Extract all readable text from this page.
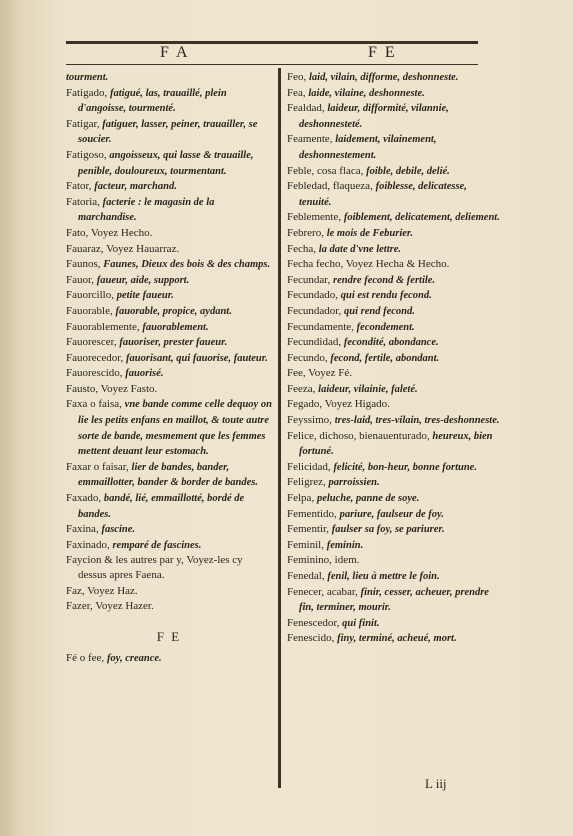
F A	F E
tourment.
Fatigado, fatigué, las, trauaillé, plein d'angoisse, tourmenté.
Fatigar, fatiguer, lasser, peiner, trauailler, se soucier.
Fatigoso, angoisseux, qui lasse & trauaille, penible, douloureux, tourmentant.
Fator, facteur, marchand.
Fatoria, facterie : le magasin de la marchandise.
Fato, Voyez Hecho.
Fauaraz, Voyez Hauarraz.
Faunos, Faunes, Dieux des bois & des champs.
Fauor, faueur, aide, support.
Fauorcillo, petite faueur.
Fauorable, fauorable, propice, aydant.
Fauorablemente, fauorablement.
Fauorescer, fauoriser, prester faueur.
Fauorecedor, fauorisant, qui fauorise, fauteur.
Fauorescido, fauorisé.
Fausto, Voyez Fasto.
Faxa o faisa, vne bande comme celle dequoy on lie les petits enfans en maillot, & toute autre sorte de bande, mesmement que les femmes mettent deuant leur estomach.
Faxar o faisar, lier de bandes, bander, emmaillotter, bander & border de bandes.
Faxado, bandé, lié, emmaillotté, bordé de bandes.
Faxina, fascine.
Faxinado, remparé de fascines.
Faycion & les autres par y, Voyez-les cy dessus apres Faena.
Faz, Voyez Haz.
Fazer, Voyez Hazer.
F E
Fé o fee, foy, creance.
Feo, laid, vilain, difforme, deshonneste.
Fea, laide, vilaine, deshonneste.
Fealdad, laideur, difformité, vilannie, deshonnesteté.
Feamente, laidement, vilainement, deshonnestement.
Feble, cosa flaca, foible, debile, delié.
Febledad, flaqueza, foiblesse, delicatesse, tenuité.
Feblemente, foiblement, delicatement, deliement.
Febrero, le mois de Feburier.
Fecha, la date d'vne lettre.
Fecha fecho, Voyez Hecha & Hecho.
Fecundar, rendre fecond & fertile.
Fecundado, qui est rendu fecond.
Fecundador, qui rend fecond.
Fecundamente, fecondement.
Fecundidad, fecondité, abondance.
Fecundo, fecond, fertile, abondant.
Fee, Voyez Fé.
Feeza, laideur, vilainie, faleté.
Fegado, Voyez Higado.
Feyssimo, tres-laid, tres-vilain, tres-deshonneste.
Felice, dichoso, bienauenturado, heureux, bien fortuné.
Felicidad, felicité, bon-heur, bonne fortune.
Feligrez, parroissien.
Felpa, peluche, panne de soye.
Fementido, pariure, faulseur de foy.
Fementir, faulser sa foy, se pariurer.
Feminil, feminin.
Feminino, idem.
Fenedal, fenil, lieu à mettre le foin.
Fenecer, acabar, finir, cesser, acheuer, prendre fin, terminer, mourir.
Fenescedor, qui finit.
Fenescido, finy, terminé, acheué, mort.
L iij
